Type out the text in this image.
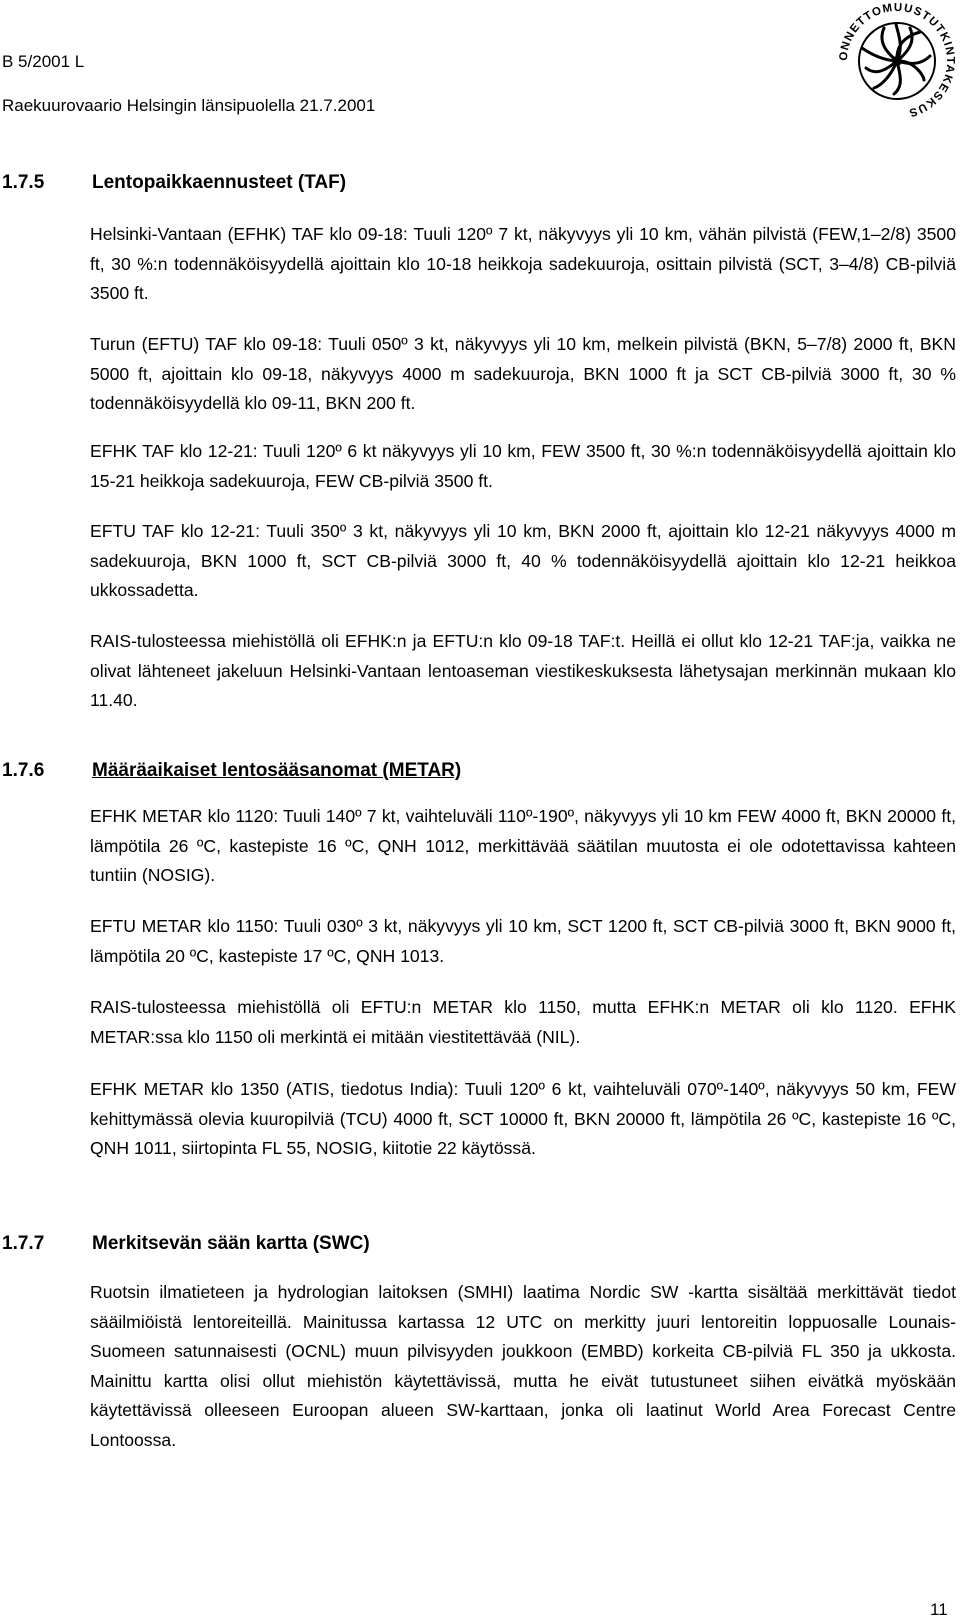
B 5/2001 L
Raekuurovaario Helsingin länsipuolella 21.7.2001
ONNETTOMUUSTUTKINTAKESKUS
1.7.5	Lentopaikkaennusteet (TAF)
Helsinki-Vantaan (EFHK) TAF klo 09-18: Tuuli 120º 7 kt, näkyvyys yli 10 km, vähän pilvistä (FEW,1–2/8) 3500 ft, 30 %:n todennäköisyydellä ajoittain klo 10-18 heikkoja sadekuuroja, osittain pilvistä (SCT, 3–4/8) CB-pilviä 3500 ft.
Turun (EFTU) TAF klo 09-18: Tuuli 050º 3 kt, näkyvyys yli 10 km, melkein pilvistä (BKN, 5–7/8) 2000 ft, BKN 5000 ft, ajoittain klo 09-18, näkyvyys 4000 m sadekuuroja, BKN 1000 ft ja SCT CB-pilviä 3000 ft, 30 % todennäköisyydellä klo 09-11, BKN 200 ft.
EFHK TAF klo 12-21: Tuuli 120º 6 kt näkyvyys yli 10 km, FEW 3500 ft, 30 %:n todennäköisyydellä ajoittain klo 15-21 heikkoja sadekuuroja, FEW CB-pilviä 3500 ft.
EFTU TAF klo 12-21: Tuuli 350º 3 kt, näkyvyys yli 10 km, BKN 2000 ft, ajoittain klo 12-21 näkyvyys 4000 m sadekuuroja, BKN 1000 ft, SCT CB-pilviä 3000 ft, 40 % todennäköisyydellä ajoittain klo 12-21 heikkoa ukkossadetta.
RAIS-tulosteessa miehistöllä oli EFHK:n ja EFTU:n klo 09-18 TAF:t. Heillä ei ollut klo 12-21 TAF:ja, vaikka ne olivat lähteneet jakeluun Helsinki-Vantaan lentoaseman viestikeskuksesta lähetysajan merkinnän mukaan klo 11.40.
1.7.6	Määräaikaiset lentosääsanomat (METAR)
EFHK METAR klo 1120: Tuuli 140º 7 kt, vaihteluväli 110º-190º, näkyvyys yli 10 km FEW 4000 ft, BKN 20000 ft, lämpötila 26 ºC, kastepiste 16 ºC, QNH 1012, merkittävää säätilan muutosta ei ole odotettavissa kahteen tuntiin (NOSIG).
EFTU METAR klo 1150: Tuuli 030º 3 kt, näkyvyys yli 10 km, SCT 1200 ft, SCT CB-pilviä 3000 ft, BKN 9000 ft, lämpötila 20 ºC, kastepiste 17 ºC, QNH 1013.
RAIS-tulosteessa miehistöllä oli EFTU:n METAR klo 1150, mutta EFHK:n METAR oli klo 1120. EFHK METAR:ssa klo 1150 oli merkintä ei mitään viestitettävää (NIL).
EFHK METAR klo 1350 (ATIS, tiedotus India): Tuuli 120º 6 kt, vaihteluväli 070º-140º, näkyvyys 50 km, FEW kehittymässä olevia kuuropilviä (TCU) 4000 ft, SCT 10000 ft, BKN 20000 ft, lämpötila 26 ºC, kastepiste 16 ºC, QNH 1011, siirtopinta FL 55, NOSIG, kiitotie 22 käytössä.
1.7.7	Merkitsevän sään kartta (SWC)
Ruotsin ilmatieteen ja hydrologian laitoksen (SMHI) laatima Nordic SW -kartta sisältää merkittävät tiedot sääilmiöistä lentoreiteillä. Mainitussa kartassa 12 UTC on merkitty juuri lentoreitin loppuosalle Lounais-Suomeen satunnaisesti (OCNL) muun pilvisyyden joukkoon (EMBD) korkeita CB-pilviä FL 350 ja ukkosta. Mainittu kartta olisi ollut miehistön käytettävissä, mutta he eivät tutustuneet siihen eivätkä myöskään käytettävissä olleeseen Euroopan alueen SW-karttaan, jonka oli laatinut World Area Forecast Centre Lontoossa.
11
